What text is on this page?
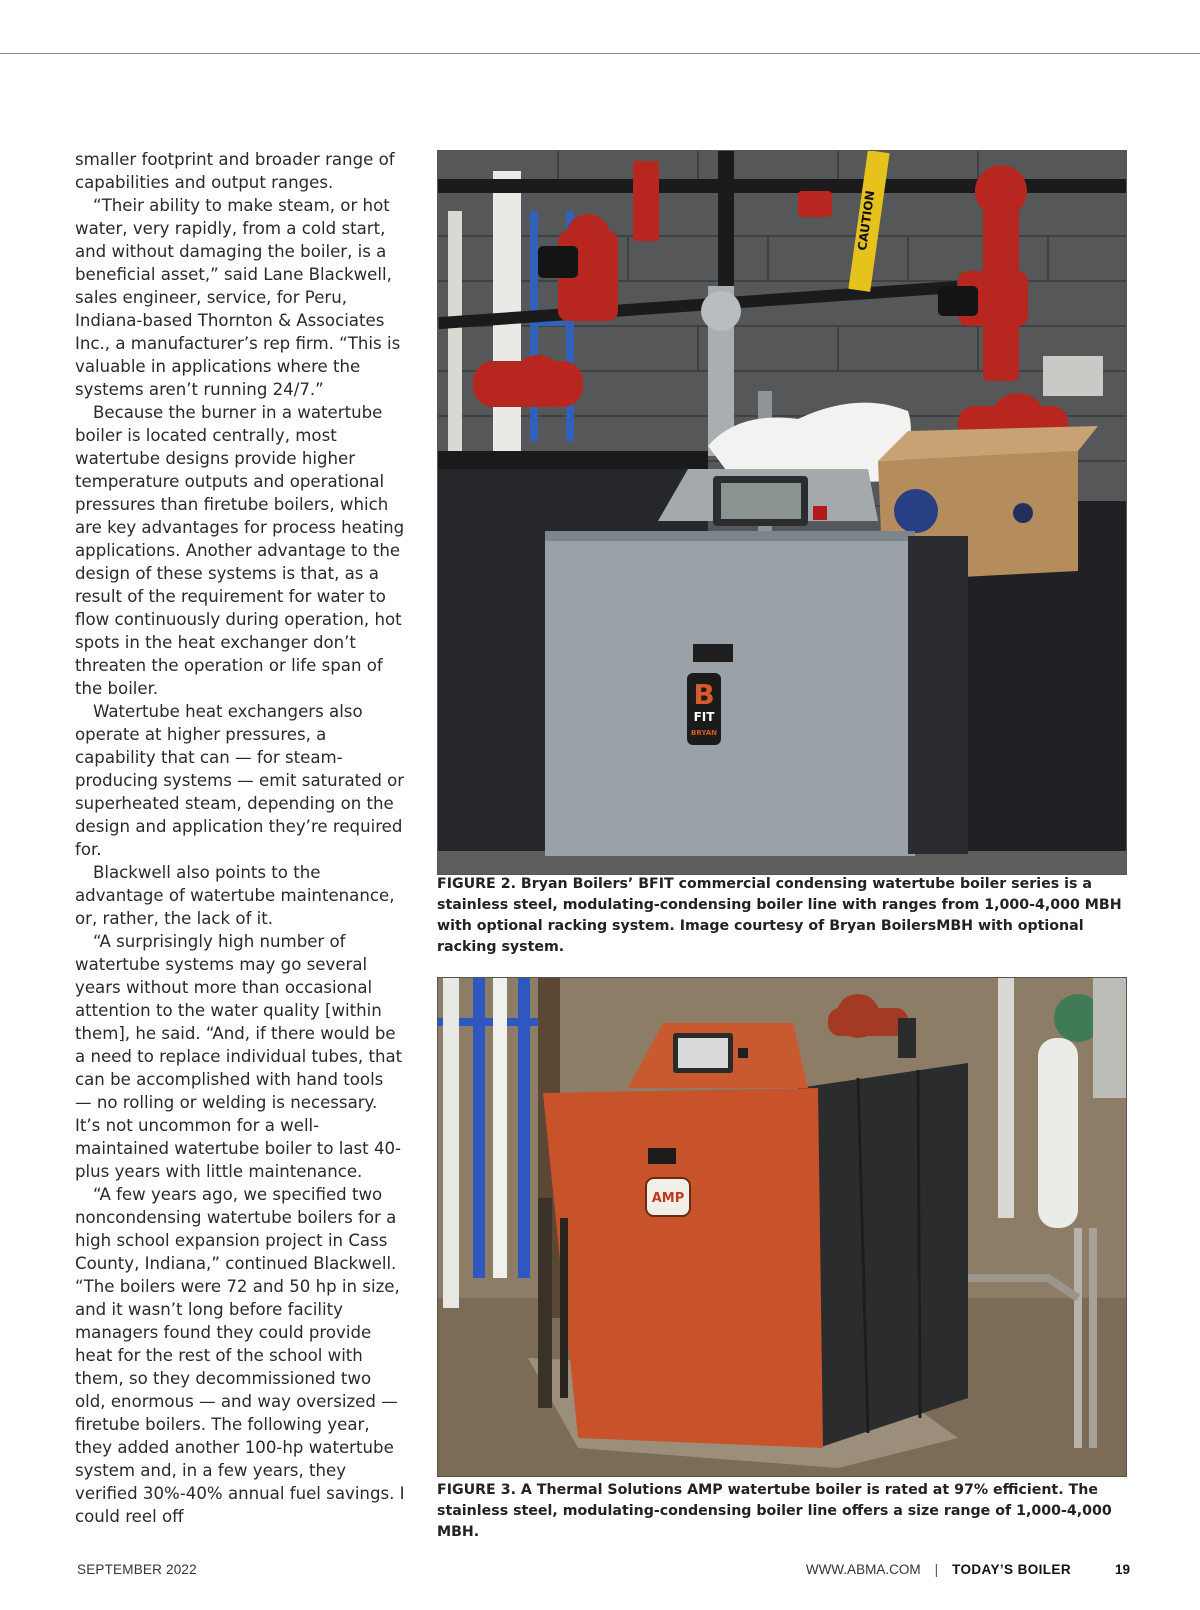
smaller footprint and broader range of capabilities and output ranges.

“Their ability to make steam, or hot water, very rapidly, from a cold start, and without damaging the boiler, is a beneficial asset,” said Lane Blackwell, sales engineer, service, for Peru, Indiana-based Thornton & Associates Inc., a manufacturer’s rep firm. “This is valuable in applications where the systems aren’t running 24/7.”

Because the burner in a watertube boiler is located centrally, most watertube designs provide higher temperature outputs and operational pressures than firetube boilers, which are key advantages for process heating applications. Another advantage to the design of these systems is that, as a result of the requirement for water to flow continuously during operation, hot spots in the heat exchanger don’t threaten the operation or life span of the boiler.

Watertube heat exchangers also operate at higher pressures, a capability that can — for steam-producing systems — emit saturated or superheated steam, depending on the design and application they’re required for.

Blackwell also points to the advantage of watertube maintenance, or, rather, the lack of it.

“A surprisingly high number of watertube systems may go several years without more than occasional attention to the water quality [within them], he said. “And, if there would be a need to replace individual tubes, that can be accomplished with hand tools — no rolling or welding is necessary. It’s not uncommon for a well-maintained watertube boiler to last 40-plus years with little maintenance.

“A few years ago, we specified two noncondensing watertube boilers for a high school expansion project in Cass County, Indiana,” continued Blackwell. “The boilers were 72 and 50 hp in size, and it wasn’t long before facility managers found they could provide heat for the rest of the school with them, so they decommissioned two old, enormous — and way oversized — firetube boilers. The following year, they added another 100-hp watertube system and, in a few years, they verified 30%-40% annual fuel savings. I could reel off

CAUTION
B
FIT
BRYAN
FIGURE 2. Bryan Boilers’ BFIT commercial condensing watertube boiler series is a stainless steel, modulating-condensing boiler line with ranges from 1,000-4,000 MBH with optional racking system. Image courtesy of Bryan BoilersMBH with optional racking system.
AMP
FIGURE 3. A Thermal Solutions AMP watertube boiler is rated at 97% efficient. The stainless steel, modulating-condensing boiler line offers a size range of 1,000-4,000 MBH.
SEPTEMBER 2022	WWW.ABMA.COM | TODAY’S BOILER	19
